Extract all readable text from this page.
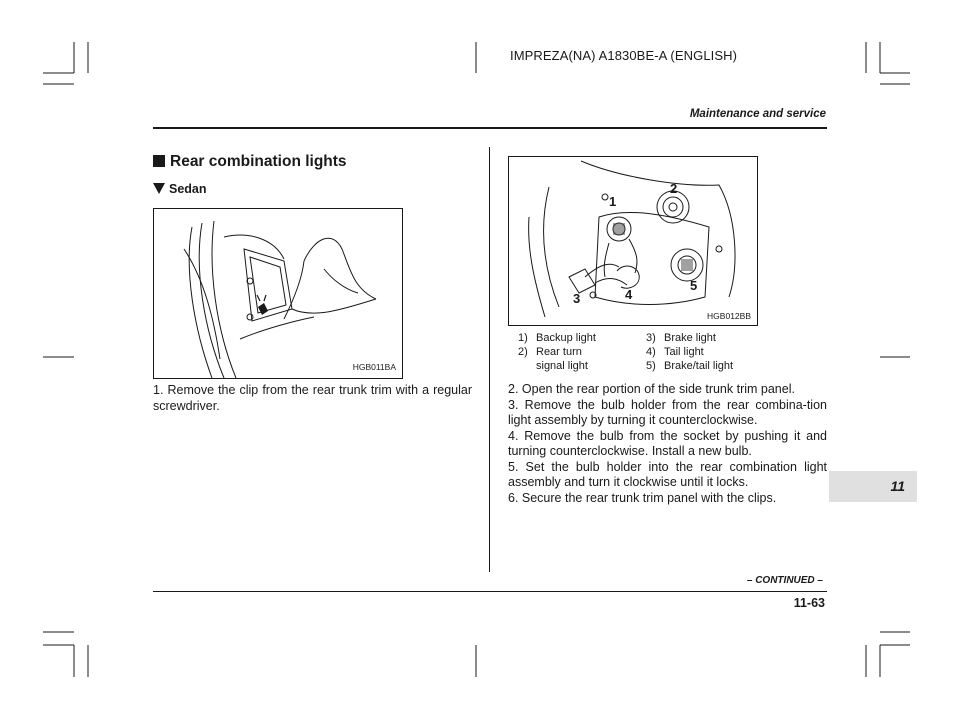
IMPREZA(NA) A1830BE-A (ENGLISH)
Maintenance and service
Rear combination lights
Sedan
HGB011BA
1. Remove the clip from the rear trunk trim with a regular screwdriver.
1
2
3	4
5
HGB012BB
1) Backup light
2) Rear turn
signal light
3) Brake light
4) Tail light
5) Brake/tail light

2. Open the rear portion of the side trunk trim panel.

3. Remove the bulb holder from the rear combina-tion light assembly by turning it counterclockwise.

4. Remove the bulb from the socket by pushing it and turning counterclockwise. Install a new bulb.

5. Set the bulb holder into the rear combination light assembly and turn it clockwise until it locks.

6. Secure the rear trunk trim panel with the clips.

11
– CONTINUED –
11-63
